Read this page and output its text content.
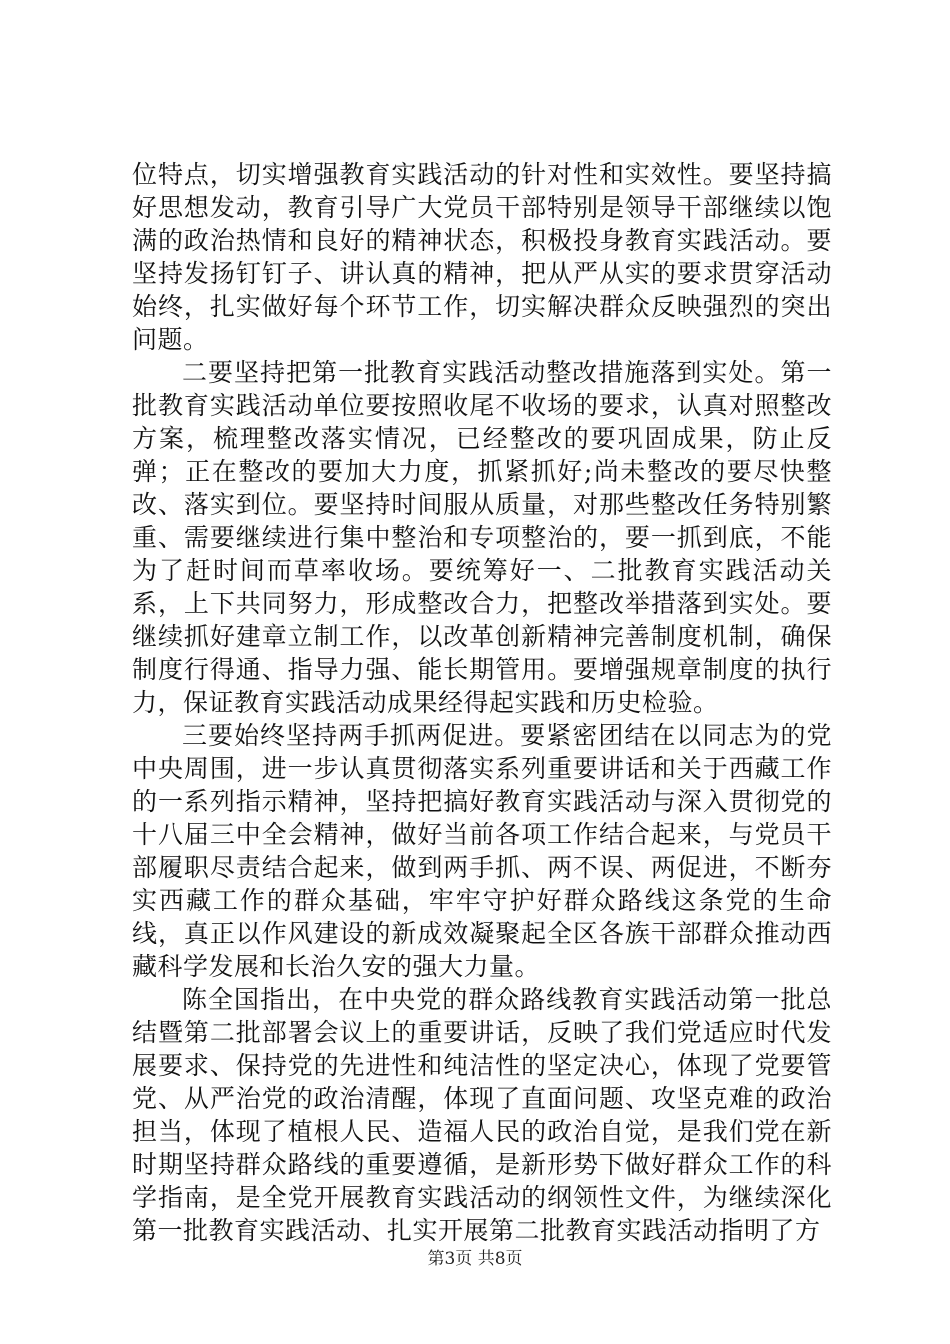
位特点，切实增强教育实践活动的针对性和实效性。要坚持搞好思想发动，教育引导广大党员干部特别是领导干部继续以饱满的政治热情和良好的精神状态，积极投身教育实践活动。要坚持发扬钉钉子、讲认真的精神，把从严从实的要求贯穿活动始终，扎实做好每个环节工作，切实解决群众反映强烈的突出问题。

二要坚持把第一批教育实践活动整改措施落到实处。第一批教育实践活动单位要按照收尾不收场的要求，认真对照整改方案，梳理整改落实情况，已经整改的要巩固成果，防止反弹；正在整改的要加大力度，抓紧抓好;尚未整改的要尽快整改、落实到位。要坚持时间服从质量，对那些整改任务特别繁重、需要继续进行集中整治和专项整治的，要一抓到底，不能为了赶时间而草率收场。要统筹好一、二批教育实践活动关系，上下共同努力，形成整改合力，把整改举措落到实处。要继续抓好建章立制工作，以改革创新精神完善制度机制，确保制度行得通、指导力强、能长期管用。要增强规章制度的执行力，保证教育实践活动成果经得起实践和历史检验。

三要始终坚持两手抓两促进。要紧密团结在以同志为的党中央周围，进一步认真贯彻落实系列重要讲话和关于西藏工作的一系列指示精神，坚持把搞好教育实践活动与深入贯彻党的十八届三中全会精神，做好当前各项工作结合起来，与党员干部履职尽责结合起来，做到两手抓、两不误、两促进，不断夯实西藏工作的群众基础，牢牢守护好群众路线这条党的生命线，真正以作风建设的新成效凝聚起全区各族干部群众推动西藏科学发展和长治久安的强大力量。

陈全国指出，在中央党的群众路线教育实践活动第一批总结暨第二批部署会议上的重要讲话，反映了我们党适应时代发展要求、保持党的先进性和纯洁性的坚定决心，体现了党要管党、从严治党的政治清醒，体现了直面问题、攻坚克难的政治担当，体现了植根人民、造福人民的政治自觉，是我们党在新时期坚持群众路线的重要遵循，是新形势下做好群众工作的科学指南，是全党开展教育实践活动的纲领性文件，为继续深化第一批教育实践活动、扎实开展第二批教育实践活动指明了方

第3页 共8页
